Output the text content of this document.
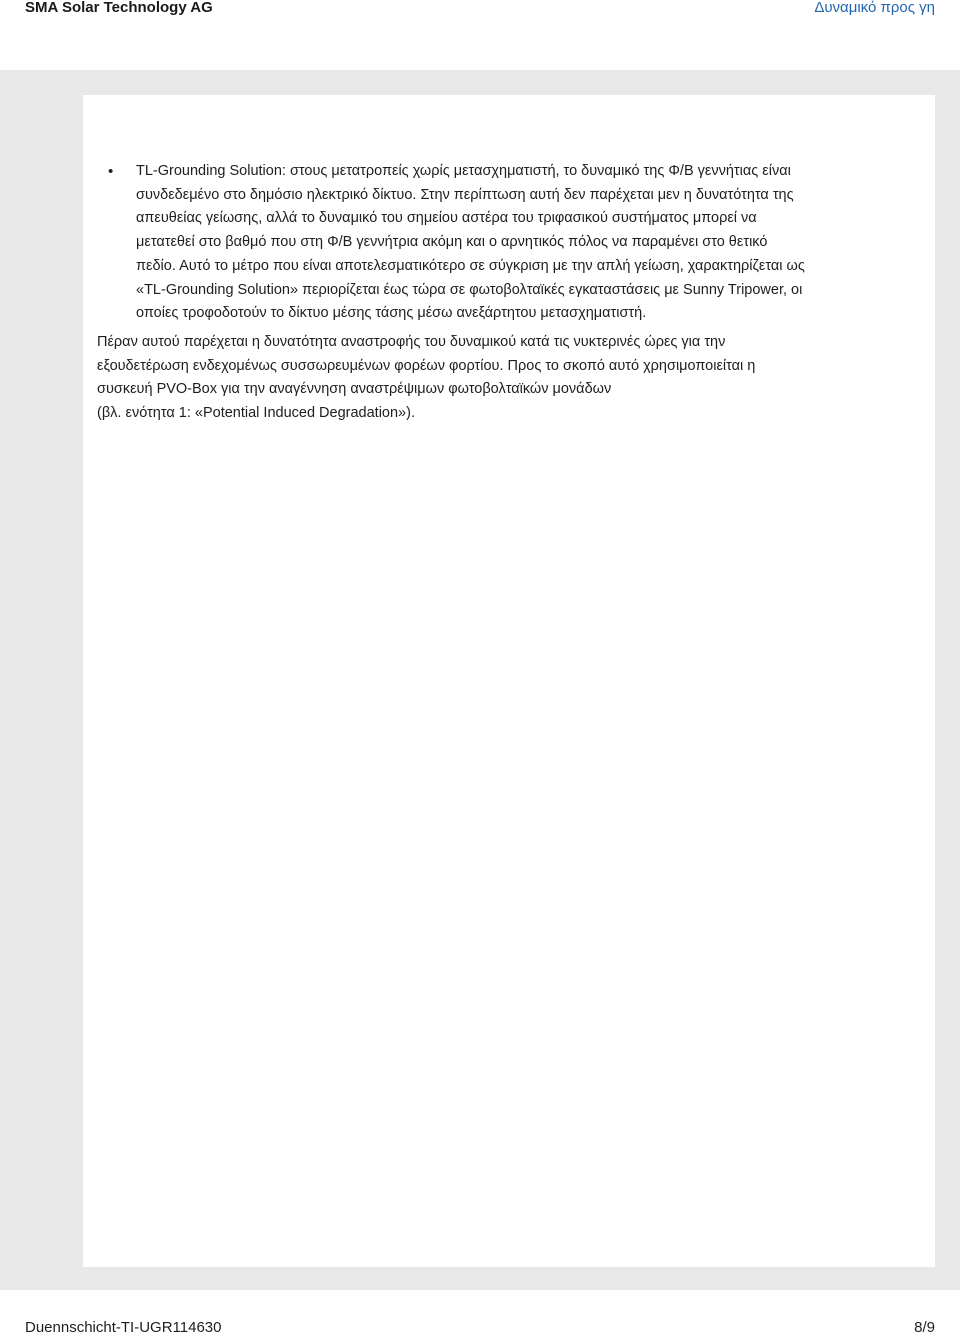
SMA Solar Technology AG	Δυναμικό προς γη
• TL-Grounding Solution: στους μετατροπείς χωρίς μετασχηματιστή, το δυναμικό της Φ/Β γεννήτιας είναι
συνδεδεμένο στο δημόσιο ηλεκτρικό δίκτυο. Στην περίπτωση αυτή δεν παρέχεται μεν η δυνατότητα της
απευθείας γείωσης, αλλά το δυναμικό του σημείου αστέρα του τριφασικού συστήματος μπορεί να
μετατεθεί στο βαθμό που στη Φ/Β γεννήτρια ακόμη και ο αρνητικός πόλος να παραμένει στο θετικό
πεδίο. Αυτό το μέτρο που είναι αποτελεσματικότερο σε σύγκριση με την απλή γείωση, χαρακτηρίζεται ως
«TL-Grounding Solution» περιορίζεται έως τώρα σε φωτοβολταϊκές εγκαταστάσεις με Sunny Tripower, οι
οποίες τροφοδοτούν το δίκτυο μέσης τάσης μέσω ανεξάρτητου μετασχηματιστή.
Πέραν αυτού παρέχεται η δυνατότητα αναστροφής του δυναμικού κατά τις νυκτερινές ώρες για την
εξουδετέρωση ενδεχομένως συσσωρευμένων φορέων φορτίου. Προς το σκοπό αυτό χρησιμοποιείται η
συσκευή PVO-Box για την αναγέννηση αναστρέψιμων φωτοβολταϊκών μονάδων
(βλ. ενότητα 1: «Potential Induced Degradation»).
Duennschicht-TI-UGR114630	8/9
